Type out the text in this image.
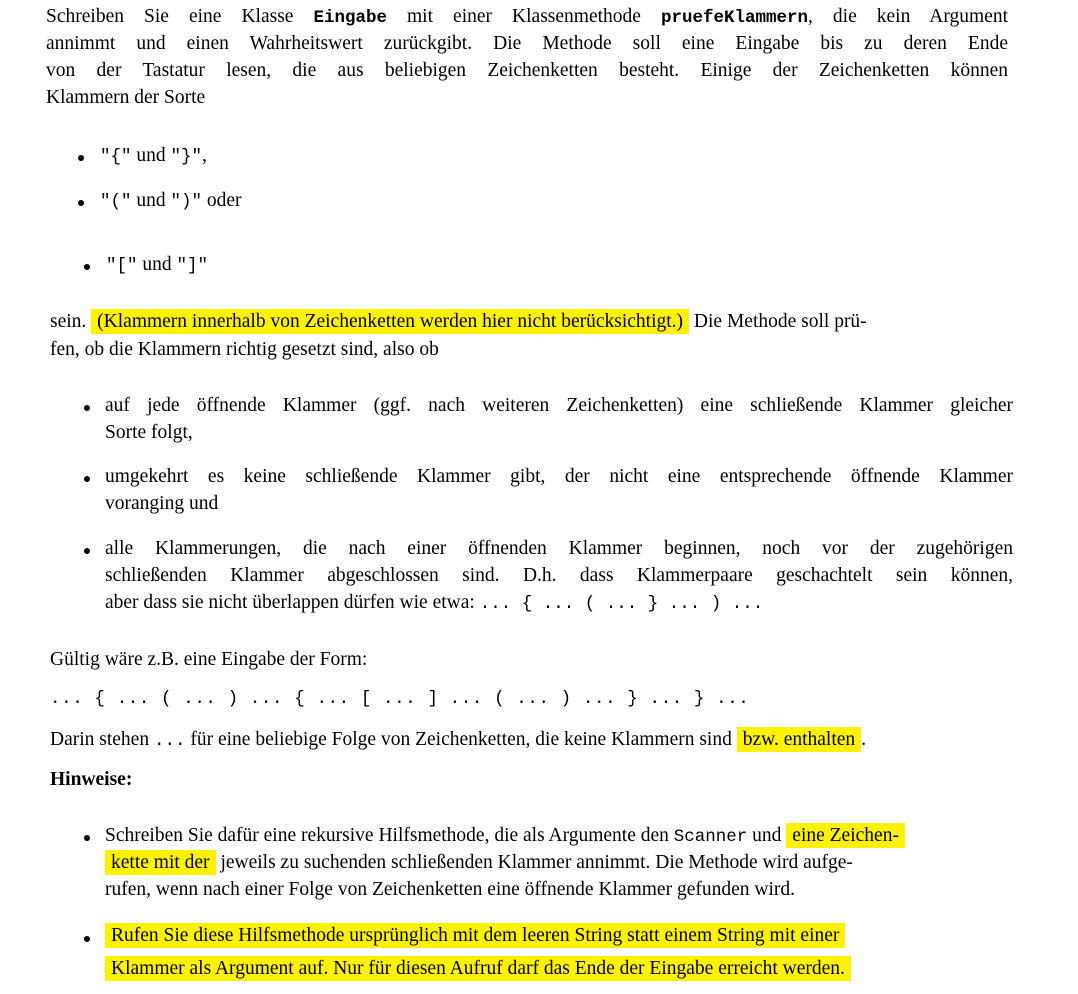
Schreiben Sie eine Klasse Eingabe mit einer Klassenmethode pruefeKlammern, die kein Argument
annimmt und einen Wahrheitswert zurückgibt. Die Methode soll eine Eingabe bis zu deren Ende
von der Tastatur lesen, die aus beliebigen Zeichenketten besteht. Einige der Zeichenketten können
Klammern der Sorte
"{" und "}",
"(" und ")" oder
"[" und "]"
sein. (Klammern innerhalb von Zeichenketten werden hier nicht berücksichtigt.) Die Methode soll prü-
fen, ob die Klammern richtig gesetzt sind, also ob
auf jede öffnende Klammer (ggf. nach weiteren Zeichenketten) eine schließende Klammer gleicher
Sorte folgt,
umgekehrt es keine schließende Klammer gibt, der nicht eine entsprechende öffnende Klammer
voranging und
alle Klammerungen, die nach einer öffnenden Klammer beginnen, noch vor der zugehörigen
schließenden Klammer abgeschlossen sind. D.h. dass Klammerpaare geschachtelt sein können,
aber dass sie nicht überlappen dürfen wie etwa: ... { ... ( ... } ... ) ...
Gültig wäre z.B. eine Eingabe der Form:
... { ... ( ... ) ... { ... [ ... ] ... ( ... ) ... } ... } ...
Darin stehen ... für eine beliebige Folge von Zeichenketten, die keine Klammern sind bzw. enthalten .
Hinweise:
Schreiben Sie dafür eine rekursive Hilfsmethode, die als Argumente den Scanner und eine Zeichen-
kette mit der jeweils zu suchenden schließenden Klammer annimmt. Die Methode wird aufge-
rufen, wenn nach einer Folge von Zeichenketten eine öffnende Klammer gefunden wird.
Rufen Sie diese Hilfsmethode ursprünglich mit dem leeren String statt einem String mit einer
Klammer als Argument auf. Nur für diesen Aufruf darf das Ende der Eingabe erreicht werden.
